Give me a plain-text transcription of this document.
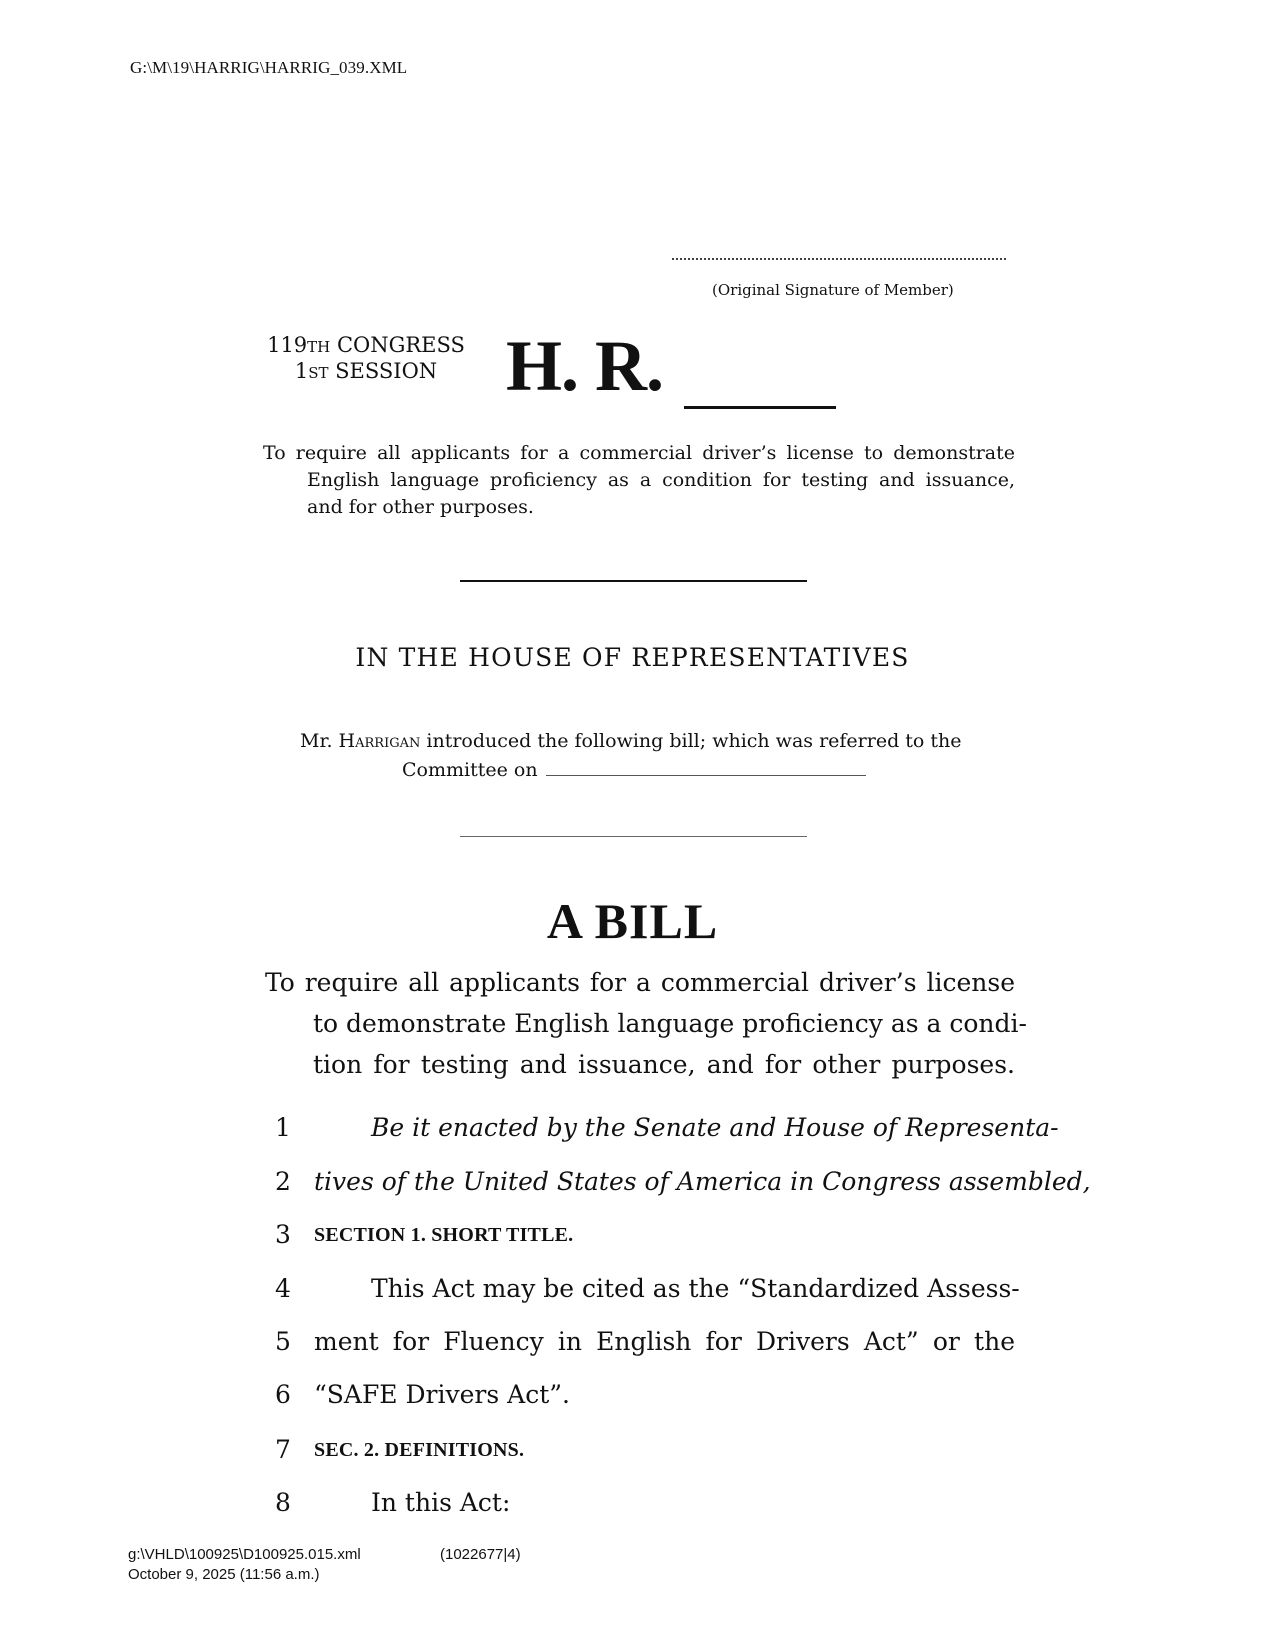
G:\M\19\HARRIG\HARRIG_039.XML
(Original Signature of Member)
119TH CONGRESS
1ST SESSION H. R.
To require all applicants for a commercial driver’s license to demonstrate
English language proficiency as a condition for testing and issuance,
and for other purposes.
IN THE HOUSE OF REPRESENTATIVES
Mr. Harrigan introduced the following bill; which was referred to the
Committee on
A BILL
To require all applicants for a commercial driver’s license
to demonstrate English language proficiency as a condi-
tion for testing and issuance, and for other purposes.
1	Be it enacted by the Senate and House of Representa-
2 tives of the United States of America in Congress assembled,
3 SECTION 1. SHORT TITLE.
4	This Act may be cited as the “Standardized Assess-
5 ment for Fluency in English for Drivers Act” or the
6 “SAFE Drivers Act”.
7 SEC. 2. DEFINITIONS.
8	In this Act:
g:\VHLD\100925\D100925.015.xml	(1022677|4)
October 9, 2025 (11:56 a.m.)
